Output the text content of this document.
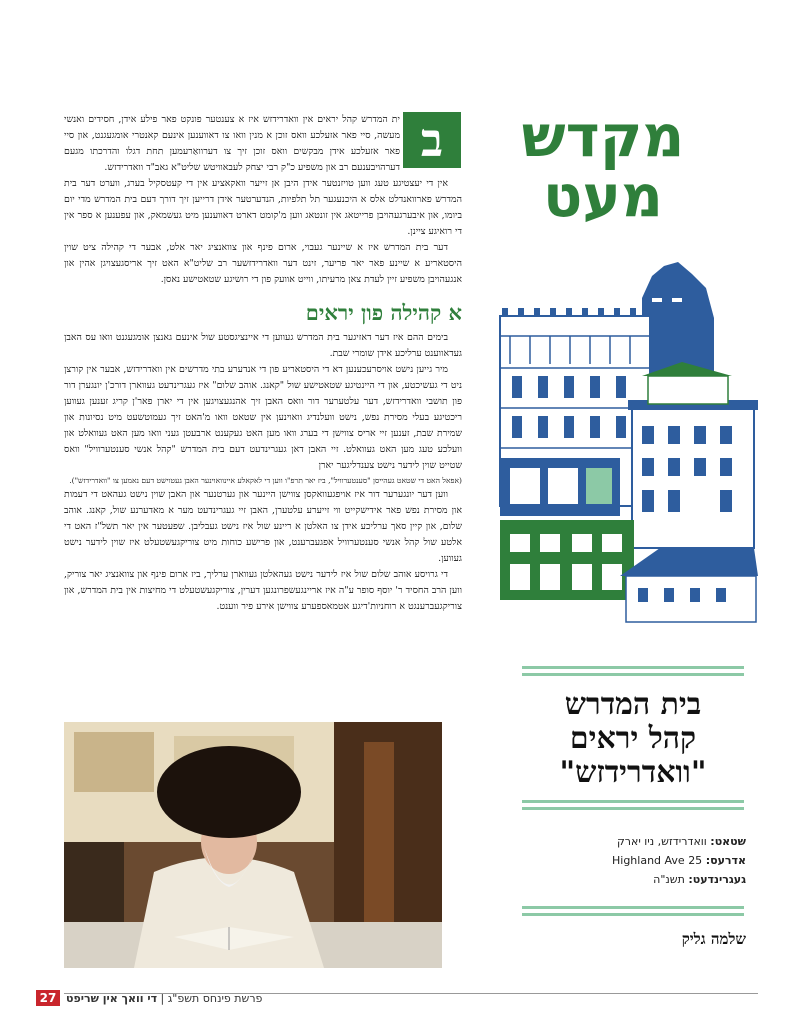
ב

ית המדרש קהל יראים אין וואדרידזש איז א צענטער פונקט פאר פילע אידן, חסידים ואנשי מעשה, סיי פאר אזעלכע וואס זוכן א מנין וואו צו דאווענען אינעם קאנטרי אומגעגנט, און סיי פאר אזעלכע אידן מבקשים וואס זוכן זיך צו דערוואַרעמען תחת דגלו והדרכתו מגעם דערהויבענעם רב און משפיע כ"ק רבי יצחק לעבאוויטש שליט"א גאב"ד וואדרידזש.

אין די יעצטיגע טעג ווען טויזנטער אידן היבן אן זייער וואקאציע אין די קעטסקיל בערג, ווערט דער בית המדרש פארוואנדלט אלס א היכנעגער תל תלפיות, הנדערטער אידן דרייען זיך דורך דעם בית המדרש מדי יום ביומו, און איבערגעהויבן פרייטאג אין זונטאג ווען מ'קומט דארט דאווענען מיט געשמאק, און עפענען א ספר אין די רואיגע ציינן.

דער בית המדרש איז א שיינער געבוי, ארום פינף און צוואנציג יאר אלט, אבער די קהילה ציט שוין היסטאריע א שיינע פאר יאר פריער, זינט דער וואדרידזשער רב שליט"א האט זיך אריסגעצויגן אהין און אנגעהויבן משפיע זיין לעדת צאן מרעיתו, ווייט אוועק פון די רושיגע שטאטישע נאסן.

א קהילה פון יראים

בימים ההם איז דער דאזיגער בית המדרש געווען די איינציגסטע שול אינעם גאנצן אומגעגנט וואו עס האבן געדאווענט ערליכע אידן שומרי שבת.

מיר גייען נישט אויסרעכענען דא די היסטאריע פון די אנדערע בתי מדרשים אין וואדרידזש, אבער אין קורצן ניט די געשיכטע, און די היינטיגע שטאטישע שול "קאנג. אוהב שלום" איז געגרינדעט געווארן דורכ'ן יונגערן דור פון תושבי וואדרידזש, דער עלטערער דור וואס האבן זיך אהנגעצויגען אין די יארן פאר'ן קריג זענען געווען ריכטיגע בעלי מסירת נפש, נישט וועלנדיג וואוינען אין שטאט וואו מ'האט זיך געמוטשעט מיט נסיונות און שמירת שבת, זענען זיי אריס צווישן די בערג וואו מען האט געקענט ארבעטן געני וואו מען האט געוואלט און וועלכע טעג מען האט געוואלט. זיי האבן דאן געגרינדעט דעם בית המדרש "קהל אנשי סענטערוויל" וואס שטייט שוין לידער נישט צענדליגער יארן

(אפאל האט די שטאט געהייסן "סענטערוויל", ביז יאר תרפ"ו ווען די לאקאלע איינוואוינער האבן געטוישט דעם נאמען צו "וואדרידזש").

ווען דער יונגערער דור איז אויפגעוואקסן צווישן היינער און גערטנער און האבן שוין נישט געהאט די דעמות און מסירת נפש פאר אידישקייט ווי זייערע עלטערן, האבן זיי געגרינדעט מער א מאדערנע שול, קאנג. אוהב שלום, און קיין סאך ערליכע אידן צו האלטן א ריינע שול איז נישט געבליבן. שפעטער אין יאר תשל"ז האט די אלטע שול קהל אנשי סענטערוויל אפגעברענט, און פרישע כוחות מיט צוריקגעשטעלט איז שוין לידער נישט געווען.

די גרויסע אוהב שלום שול איז לידער נישט געהאלטן געווארן ערליך, ביז ארום פינף און צוואנציג יאר צוריק, ווען הרב החסיד ר' יוסף סופר ע"ה איז אריינגעשפרונגען דערין, צוריקגעשטעלט די מחיצות אין בית המדרש, און צוריקגעברענגט א רוחניות'דיגע אטמאספערע צווישן אירע פיר ווענט.

מקדש
מעט
בית המדרש
קהל יראים
"וואדרידזש"
שטאט: וואדרידזש, ניו יארק
אדרעס: 25 Highland Ave
געגרינדעט: תשנ"ה
שלמה גליק
27	פרשת פינחס תשפ"ג | די וואך אין שריפט
